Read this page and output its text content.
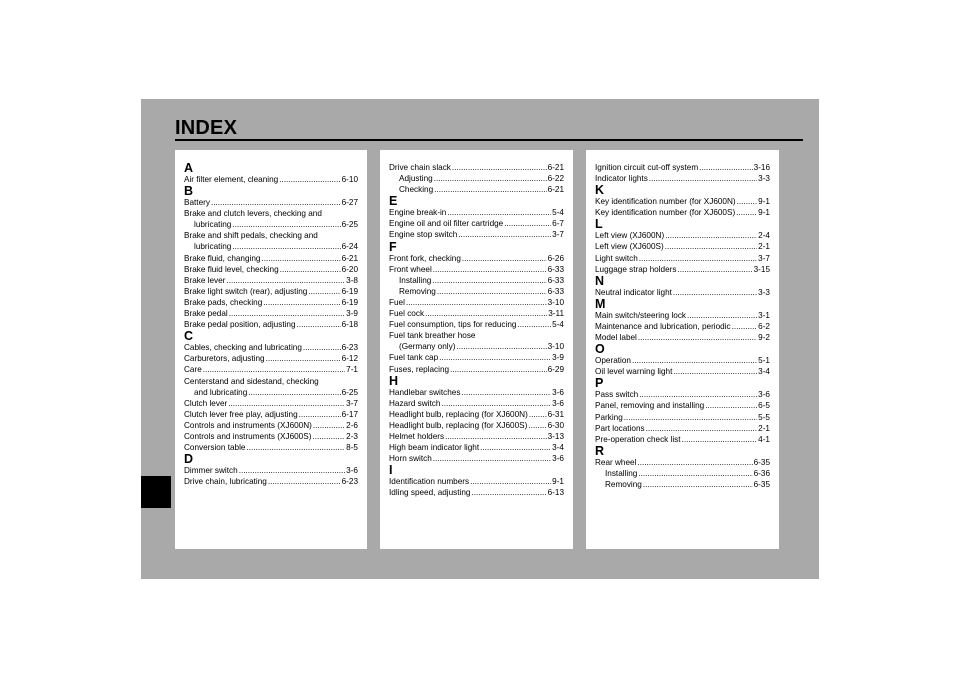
INDEX
A
Air filter element, cleaning .....	6-10
B
Battery .....	6-27
Brake and clutch levers, checking and
lubricating .....	6-25
Brake and shift pedals, checking and
lubricating .....	6-24
Brake fluid, changing .....	6-21
Brake fluid level, checking .....	6-20
Brake lever .....	3-8
Brake light switch (rear), adjusting .....	6-19
Brake pads, checking .....	6-19
Brake pedal .....	3-9
Brake pedal position, adjusting .....	6-18
C
Cables, checking and lubricating .....	6-23
Carburetors, adjusting .....	6-12
Care .....	7-1
Centerstand and sidestand, checking
and lubricating .....	6-25
Clutch lever .....	3-7
Clutch lever free play, adjusting .....	6-17
Controls and instruments (XJ600N) .....	2-6
Controls and instruments (XJ600S) .....	2-3
Conversion table .....	8-5
D
Dimmer switch .....	3-6
Drive chain, lubricating .....	6-23
Drive chain slack .....	6-21
Adjusting .....	6-22
Checking .....	6-21
E
Engine break-in .....	5-4
Engine oil and oil filter cartridge .....	6-7
Engine stop switch .....	3-7
F
Front fork, checking .....	6-26
Front wheel .....	6-33
Installing .....	6-33
Removing .....	6-33
Fuel .....	3-10
Fuel cock .....	3-11
Fuel consumption, tips for reducing .....	5-4
Fuel tank breather hose
(Germany only) .....	3-10
Fuel tank cap .....	3-9
Fuses, replacing .....	6-29
H
Handlebar switches .....	3-6
Hazard switch .....	3-6
Headlight bulb, replacing (for XJ600N) ..... 6-31
Headlight bulb, replacing (for XJ600S) ..... 6-30
Helmet holders .....	3-13
High beam indicator light .....	3-4
Horn switch .....	3-6
I
Identification numbers .....	9-1
Idling speed, adjusting .....	6-13
Ignition circuit cut-off system .....	3-16
Indicator lights .....	3-3
K
Key identification number (for XJ600N) .....	9-1
Key identification number (for XJ600S) .....	9-1
L
Left view (XJ600N) .....	2-4
Left view (XJ600S) .....	2-1
Light switch .....	3-7
Luggage strap holders .....	3-15
N
Neutral indicator light .....	3-3
M
Main switch/steering lock .....	3-1
Maintenance and lubrication, periodic .....	6-2
Model label .....	9-2
O
Operation .....	5-1
Oil level warning light .....	3-4
P
Pass switch .....	3-6
Panel, removing and installing .....	6-5
Parking .....	5-5
Part locations .....	2-1
Pre-operation check list .....	4-1
R
Rear wheel .....	6-35
Installing .....	6-36
Removing .....	6-35
